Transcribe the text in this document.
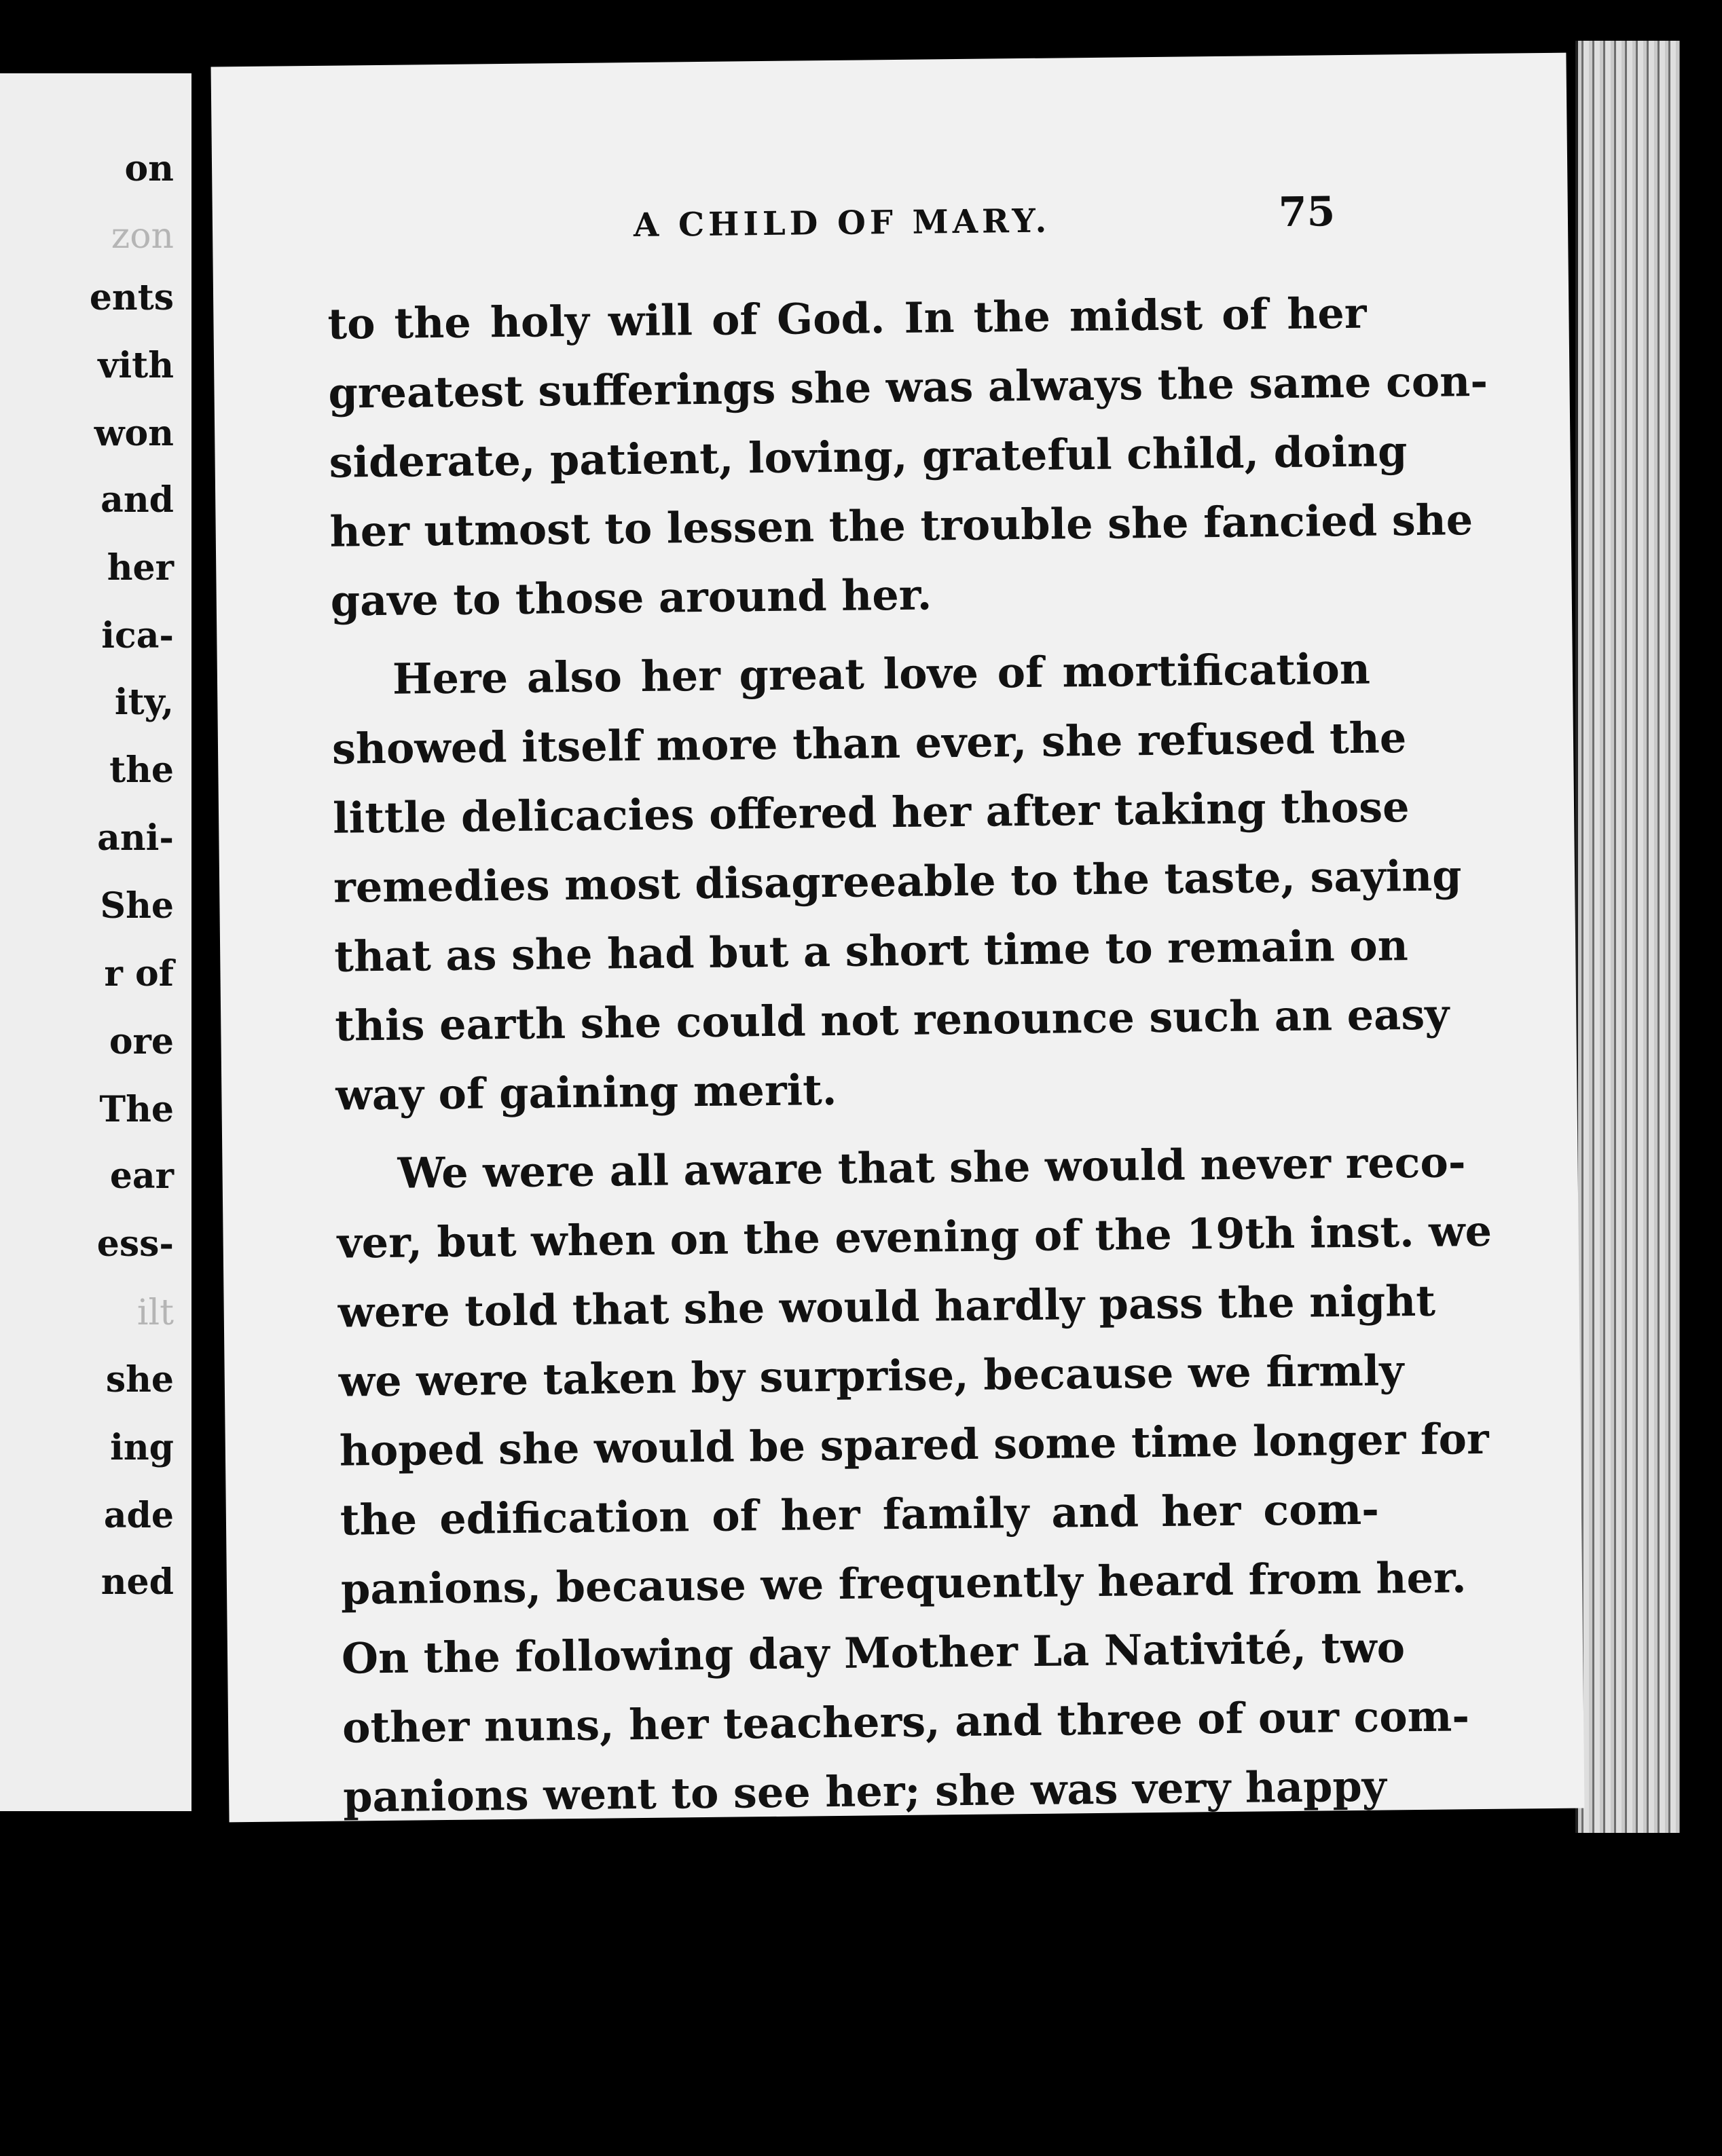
on
zon
ents
vith
won
and
her
ica-
ity,
the
ani-
She
r of
ore
The
ear
ess-
ilt
she
ing
ade
ned
A CHILD OF MARY.	75
to the holy will of God. In the midst of her
greatest sufferings she was always the same con-
siderate, patient, loving, grateful child, doing
her utmost to lessen the trouble she fancied she
gave to those around her.
Here also her great love of mortification
showed itself more than ever, she refused the
little delicacies offered her after taking those
remedies most disagreeable to the taste, saying
that as she had but a short time to remain on
this earth she could not renounce such an easy
way of gaining merit.
We were all aware that she would never reco-
ver, but when on the evening of the 19th inst. we
were told that she would hardly pass the night
we were taken by surprise, because we firmly
hoped she would be spared some time longer for
the edification of her family and her com-
panions, because we frequently heard from her.
On the following day Mother La Nativité, two
other nuns, her teachers, and three of our com-
panions went to see her; she was very happy
